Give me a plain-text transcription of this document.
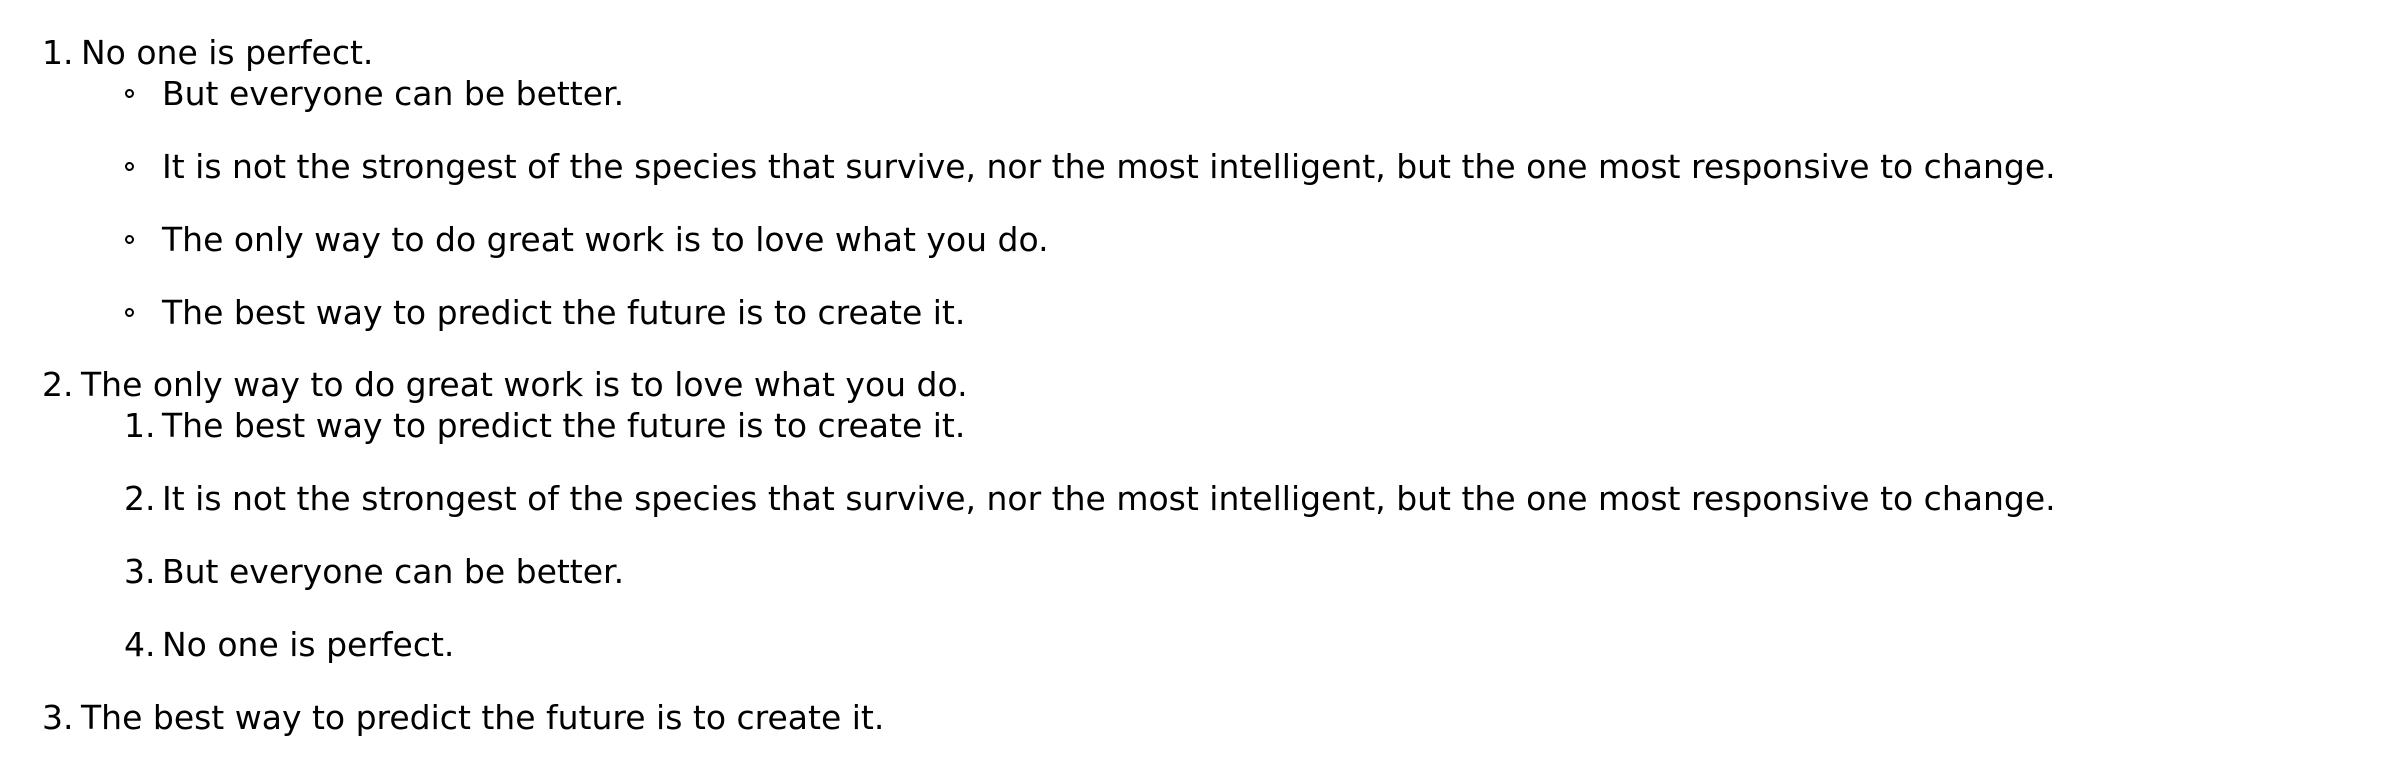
1. No one is perfect.
But everyone can be better.
It is not the strongest of the species that survive, nor the most intelligent, but the one most responsive to change.
The only way to do great work is to love what you do.
The best way to predict the future is to create it.
2. The only way to do great work is to love what you do.
1. The best way to predict the future is to create it.
2. It is not the strongest of the species that survive, nor the most intelligent, but the one most responsive to change.
3. But everyone can be better.
4. No one is perfect.
3. The best way to predict the future is to create it.
